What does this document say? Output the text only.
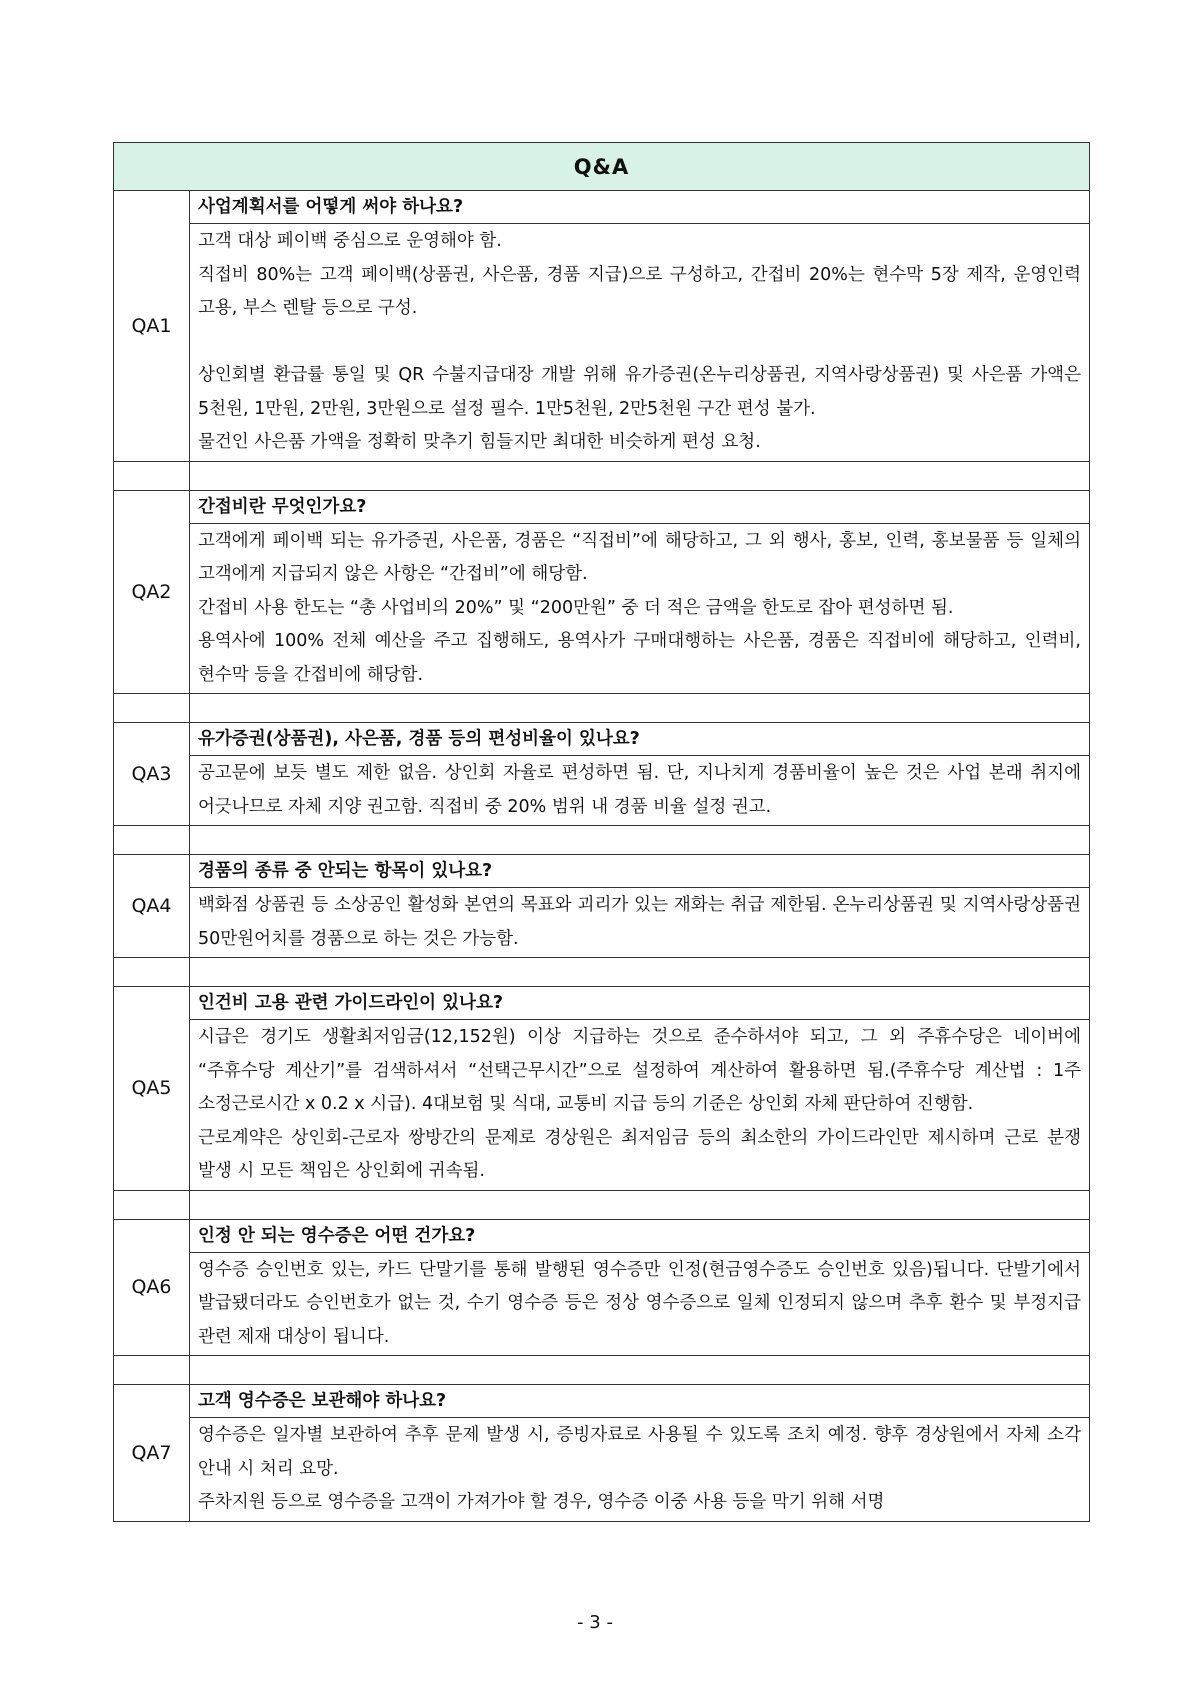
Q&A	
QA1	사업계획서를 어떻게 써야 하나요?

	고객 대상 페이백 중심으로 운영해야 함.

직접비 80%는 고객 페이백(상품권, 사은품, 경품 지급)으로 구성하고, 간접비 20%는 현수막 5장 제작, 운영인력 고용, 부스 렌탈 등으로 구성.

상인회별 환급률 통일 및 QR 수불지급대장 개발 위해 유가증권(온누리상품권, 지역사랑상품권) 및 사은품 가액은 5천원, 1만원, 2만원, 3만원으로 설정 필수. 1만5천원, 2만5천원 구간 편성 불가.

물건인 사은품 가액을 정확히 맞추기 힘들지만 최대한 비슷하게 편성 요청.

QA2	간접비란 무엇인가요?

	고객에게 페이백 되는 유가증권, 사은품, 경품은 “직접비”에 해당하고, 그 외 행사, 홍보, 인력, 홍보물품 등 일체의 고객에게 지급되지 않은 사항은 “간접비”에 해당함.

간접비 사용 한도는 “총 사업비의 20%” 및 “200만원” 중 더 적은 금액을 한도로 잡아 편성하면 됨.

용역사에 100% 전체 예산을 주고 집행해도, 용역사가 구매대행하는 사은품, 경품은 직접비에 해당하고, 인력비, 현수막 등을 간접비에 해당함.

QA3	유가증권(상품권), 사은품, 경품 등의 편성비율이 있나요?

	공고문에 보듯 별도 제한 없음. 상인회 자율로 편성하면 됨. 단, 지나치게 경품비율이 높은 것은 사업 본래 취지에 어긋나므로 자체 지양 권고함. 직접비 중 20% 범위 내 경품 비율 설정 권고.

QA4	경품의 종류 중 안되는 항목이 있나요?

	백화점 상품권 등 소상공인 활성화 본연의 목표와 괴리가 있는 재화는 취급 제한됨. 온누리상품권 및 지역사랑상품권 50만원어치를 경품으로 하는 것은 가능함.

QA5	인건비 고용 관련 가이드라인이 있나요?

	시급은 경기도 생활최저임금(12,152원) 이상 지급하는 것으로 준수하셔야 되고, 그 외 주휴수당은 네이버에 “주휴수당 계산기”를 검색하셔서 “선택근무시간”으로 설정하여 계산하여 활용하면 됨.(주휴수당 계산법 : 1주 소정근로시간 x 0.2 x 시급). 4대보험 및 식대, 교통비 지급 등의 기준은 상인회 자체 판단하여 진행함.

근로계약은 상인회-근로자 쌍방간의 문제로 경상원은 최저임금 등의 최소한의 가이드라인만 제시하며 근로 분쟁 발생 시 모든 책임은 상인회에 귀속됨.

QA6	인정 안 되는 영수증은 어떤 건가요?

	영수증 승인번호 있는, 카드 단말기를 통해 발행된 영수증만 인정(현금영수증도 승인번호 있음)됩니다. 단발기에서 발급됐더라도 승인번호가 없는 것, 수기 영수증 등은 정상 영수증으로 일체 인정되지 않으며 추후 환수 및 부정지급 관련 제재 대상이 됩니다.

QA7	고객 영수증은 보관해야 하나요?

	영수증은 일자별 보관하여 추후 문제 발생 시, 증빙자료로 사용될 수 있도록 조치 예정. 향후 경상원에서 자체 소각 안내 시 처리 요망.

주차지원 등으로 영수증을 고객이 가져가야 할 경우, 영수증 이중 사용 등을 막기 위해 서명

- 3 -
